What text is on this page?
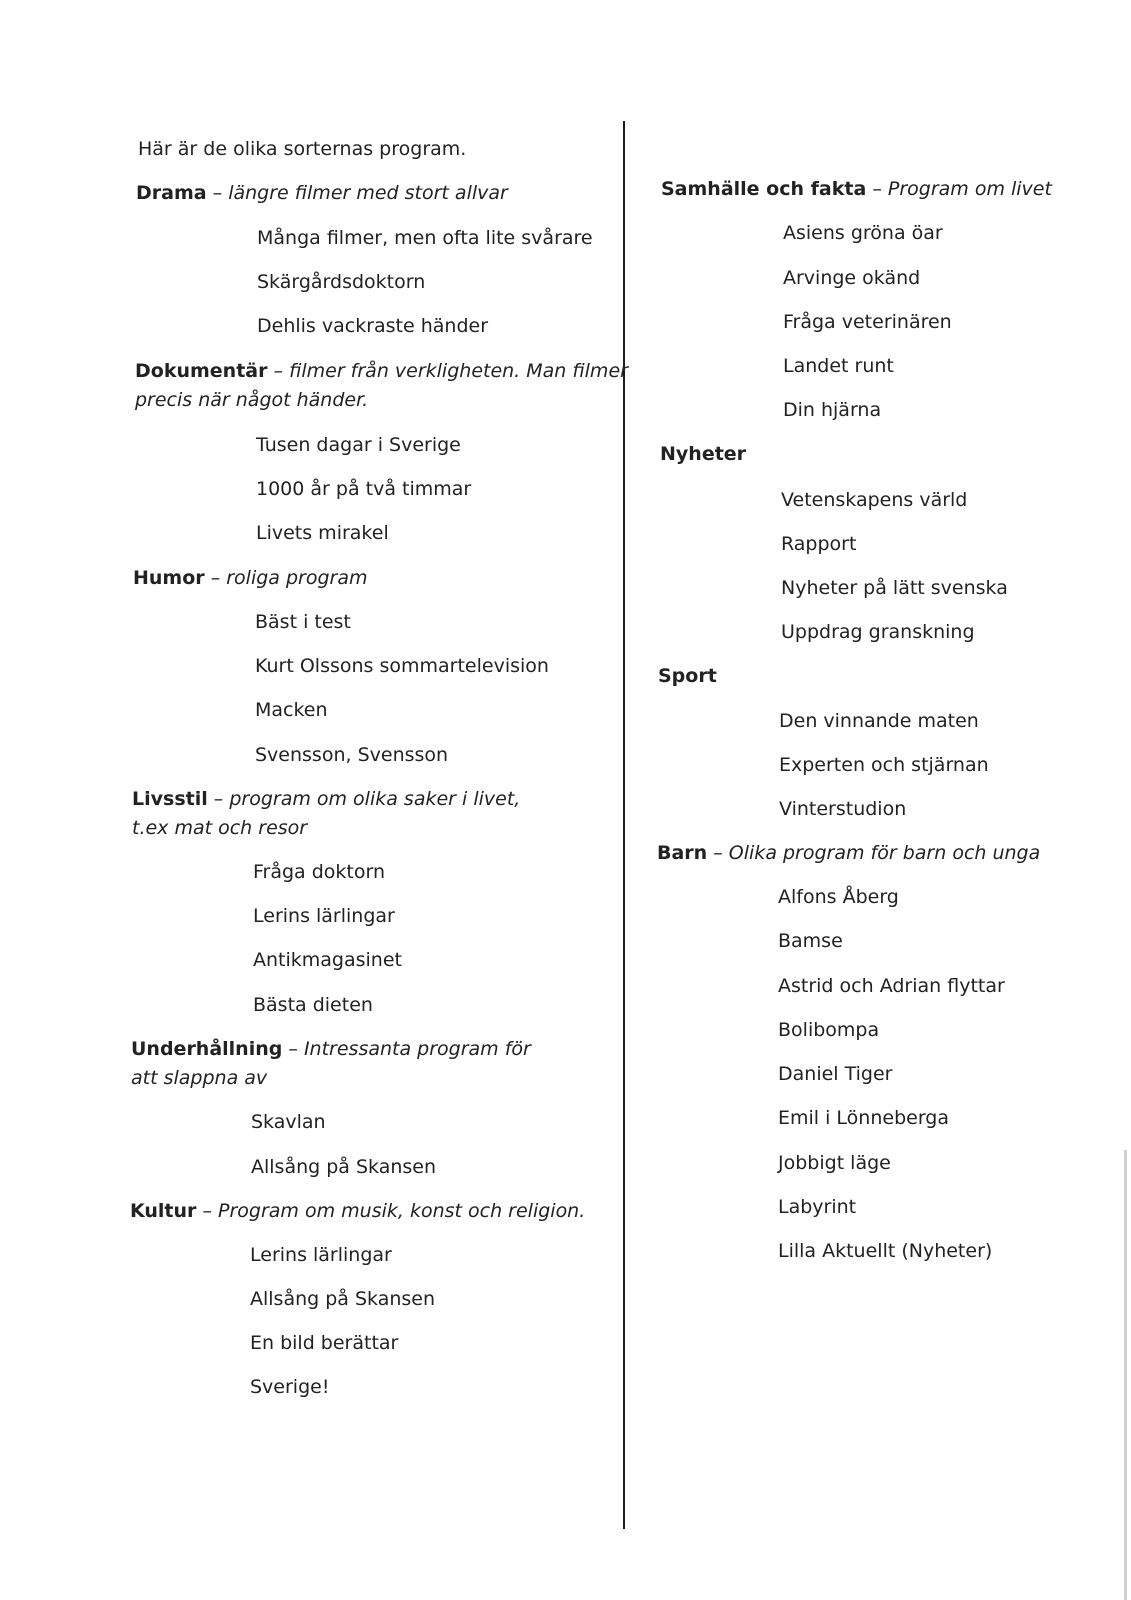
Här är de olika sorternas program.
Drama – längre filmer med stort allvar
Många filmer, men ofta lite svårare
Skärgårdsdoktorn
Dehlis vackraste händer
Dokumentär – filmer från verkligheten. Man filmer
precis när något händer.
Tusen dagar i Sverige
1000 år på två timmar
Livets mirakel
Humor – roliga program
Bäst i test
Kurt Olssons sommartelevision
Macken
Svensson, Svensson
Livsstil – program om olika saker i livet,
t.ex mat och resor
Fråga doktorn
Lerins lärlingar
Antikmagasinet
Bästa dieten
Underhållning – Intressanta program för
att slappna av
Skavlan
Allsång på Skansen
Kultur – Program om musik, konst och religion.
Lerins lärlingar
Allsång på Skansen
En bild berättar
Sverige!
Samhälle och fakta – Program om livet
Asiens gröna öar
Arvinge okänd
Fråga veterinären
Landet runt
Din hjärna
Nyheter
Vetenskapens värld
Rapport
Nyheter på lätt svenska
Uppdrag granskning
Sport
Den vinnande maten
Experten och stjärnan
Vinterstudion
Barn – Olika program för barn och unga
Alfons Åberg
Bamse
Astrid och Adrian flyttar
Bolibompa
Daniel Tiger
Emil i Lönneberga
Jobbigt läge
Labyrint
Lilla Aktuellt (Nyheter)
